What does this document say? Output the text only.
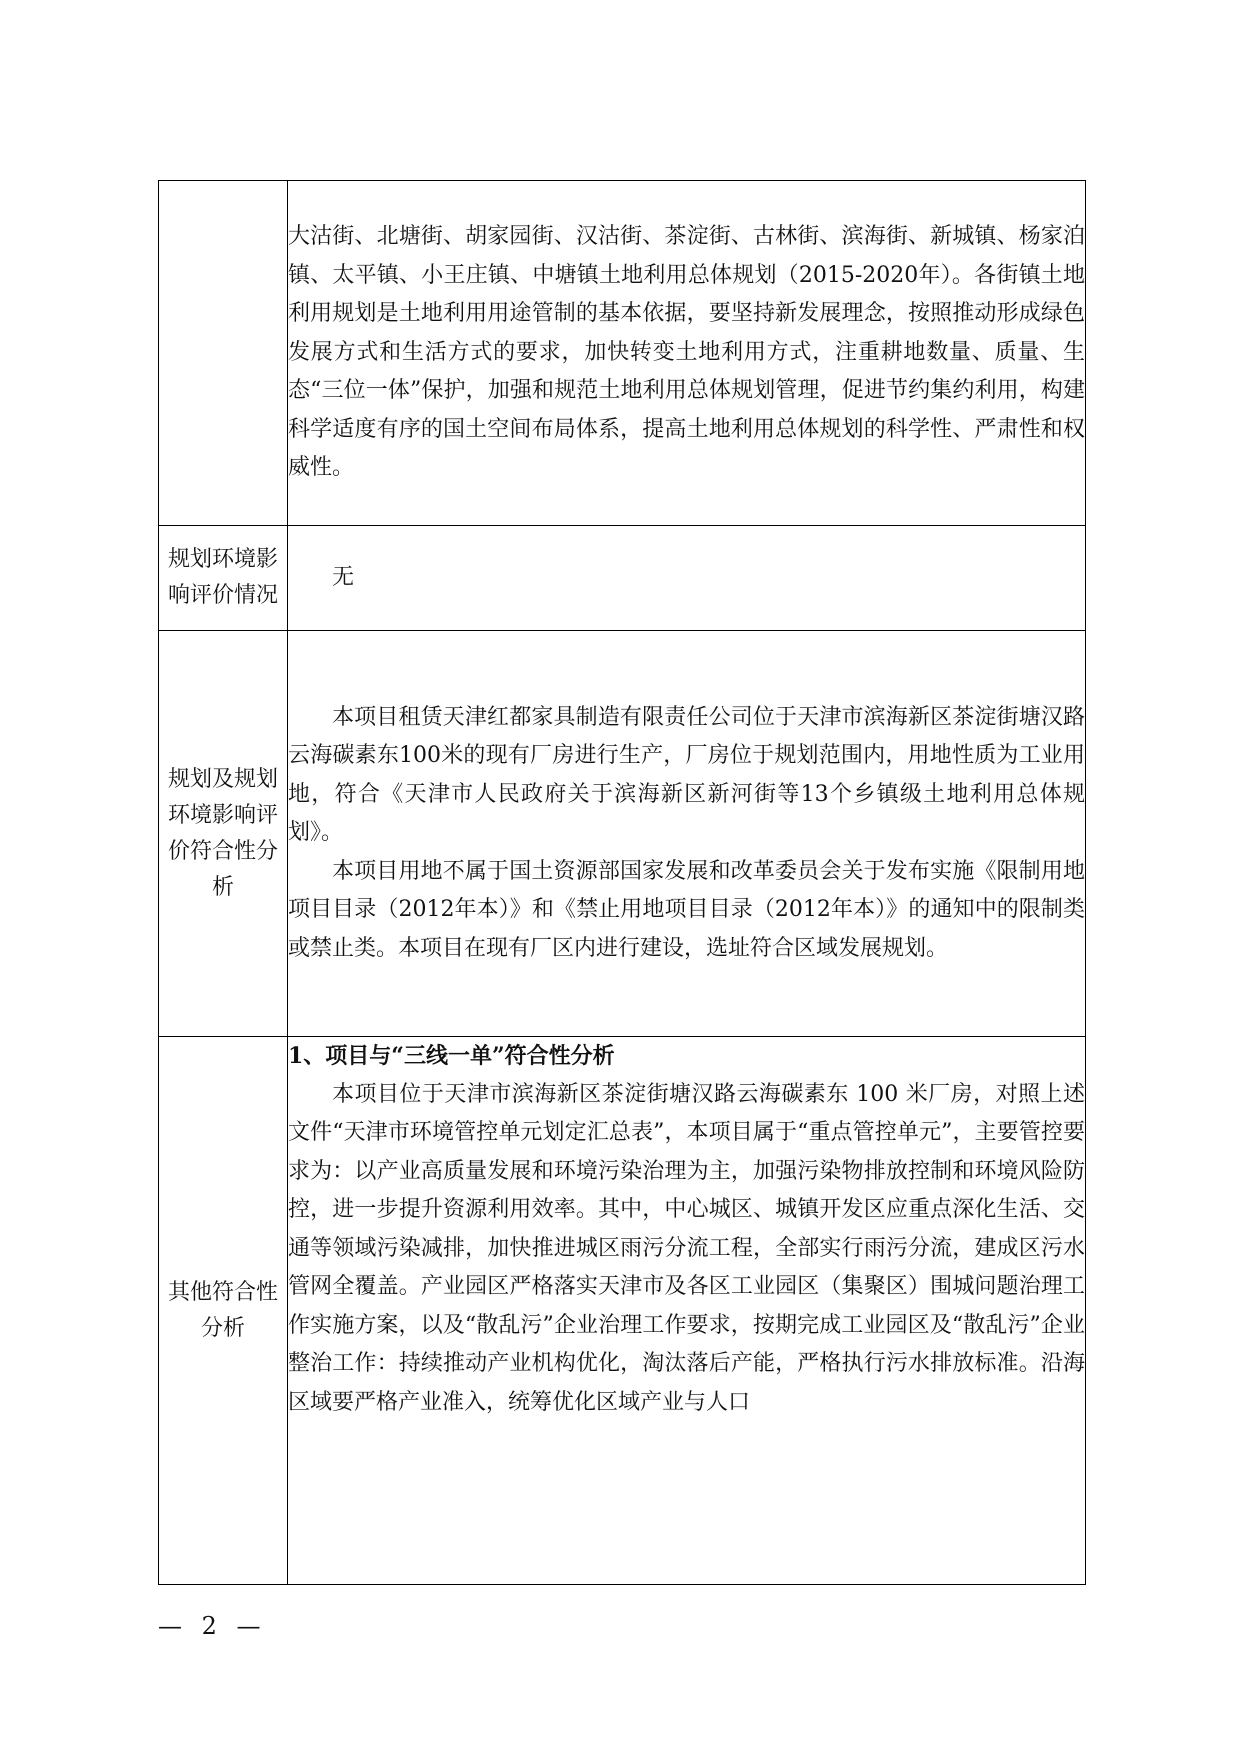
	大沽街、北塘街、胡家园街、汉沽街、茶淀街、古林街、滨海街、新城镇、杨家泊镇、太平镇、小王庄镇、中塘镇土地利用总体规划（2015-2020年）。各街镇土地利用规划是土地利用用途管制的基本依据，要坚持新发展理念，按照推动形成绿色发展方式和生活方式的要求，加快转变土地利用方式，注重耕地数量、质量、生态“三位一体”保护，加强和规范土地利用总体规划管理，促进节约集约利用，构建科学适度有序的国土空间布局体系，提高土地利用总体规划的科学性、严肃性和权威性。

规划环境影响评价情况	无

规划及规划环境影响评价符合性分析	本项目租赁天津红都家具制造有限责任公司位于天津市滨海新区茶淀街塘汉路云海碳素东100米的现有厂房进行生产，厂房位于规划范围内，用地性质为工业用地，符合《天津市人民政府关于滨海新区新河街等13个乡镇级土地利用总体规划》。

本项目用地不属于国土资源部国家发展和改革委员会关于发布实施《限制用地项目目录（2012年本）》和《禁止用地项目目录（2012年本）》的通知中的限制类或禁止类。本项目在现有厂区内进行建设，选址符合区域发展规划。

其他符合性分析	1、项目与“三线一单”符合性分析

本项目位于天津市滨海新区茶淀街塘汉路云海碳素东 100 米厂房，对照上述文件“天津市环境管控单元划定汇总表”，本项目属于“重点管控单元”，主要管控要求为：以产业高质量发展和环境污染治理为主，加强污染物排放控制和环境风险防控，进一步提升资源利用效率。其中，中心城区、城镇开发区应重点深化生活、交通等领域污染减排，加快推进城区雨污分流工程，全部实行雨污分流，建成区污水管网全覆盖。产业园区严格落实天津市及各区工业园区（集聚区）围城问题治理工作实施方案，以及“散乱污”企业治理工作要求，按期完成工业园区及“散乱污”企业整治工作：持续推动产业机构优化，淘汰落后产能，严格执行污水排放标准。沿海区域要严格产业准入，统筹优化区域产业与人口

— 2 —
